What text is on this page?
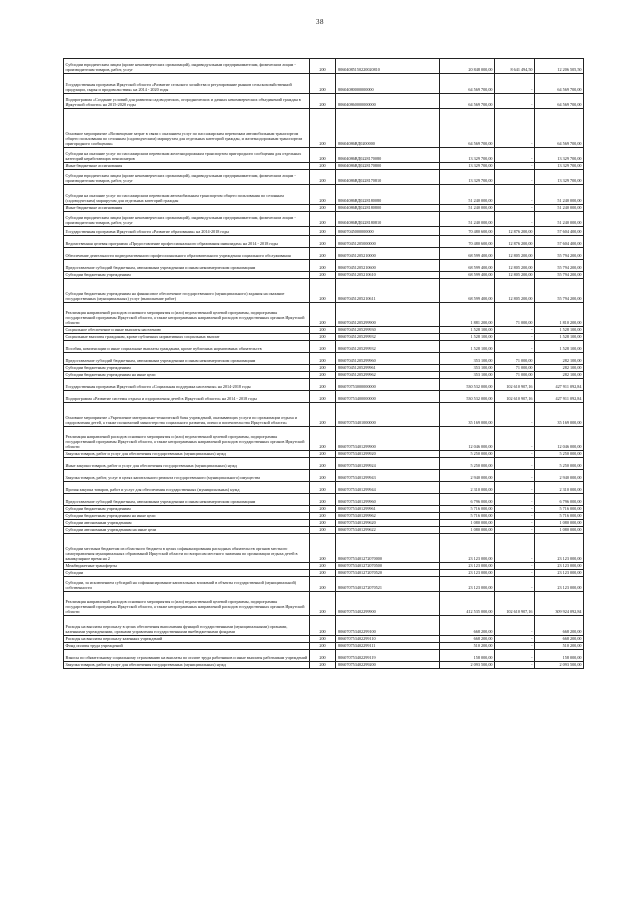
38
Субсидии юридическим лицам (кроме некоммерческих организаций), индивидуальным предпринимателям, физическим лицам - производителям товаров, работ, услуг	200	80604085150220020810	20 848 000,00	8 641 494,50	12 206 505,50
Государственная программа Иркутской области «Развитие сельского хозяйства и регулирование рынков сельскохозяйственной продукции, сырья и продовольствия» на 2014 - 2020 годы	200	80604080000000000	64 569 700,00	-	64 569 700,00
Подпрограмма «Создание условий для развития садоводческих, огороднических и дачных некоммерческих объединений граждан в Иркутской области» на 2015-2020 годы	200	806040860000000000	64 569 700,00	-	64 569 700,00
Основное мероприятие «Возмещение затрат в связи с оказанием услуг по пассажирским перевозкам автомобильным транспортом общего пользования по сезонным (садоводческим) маршрутам для отдельных категорий граждан, и железнодорожным транспортом пригородного сообщения»	200	80604086ВД0200000	64 569 700,00	-	64 569 700,00
Субсидии на оказание услуг по пассажирским перевозкам железнодорожным транспортом пригородного сообщения для отдельных категорий неработающих пенсионеров	200	80604086ВД0228170080	13 329 700,00	-	13 329 700,00
Иные бюджетные ассигнования	200	80604086ВД0228170800	13 329 700,00	-	13 329 700,00
Субсидии юридическим лицам (кроме некоммерческих организаций), индивидуальным предпринимателям, физическим лицам - производителям товаров, работ, услуг	200	80604086ВД0228170810	13 329 700,00	-	13 329 700,00
Субсидии на оказание услуг по пассажирским перевозкам автомобильным транспортом общего пользования по сезонным (садоводческим) маршрутам для отдельных категорий граждан	200	80604086ВД0228180080	51 240 000,00	-	51 240 000,00
Иные бюджетные ассигнования	200	80604086ВД0228180800	51 240 000,00	-	51 240 000,00
Субсидии юридическим лицам (кроме некоммерческих организаций), индивидуальным предпринимателям, физическим лицам - производителям товаров, работ, услуг	200	80604086ВД0228180810	51 240 000,00	-	51 240 000,00
Государственная программа Иркутской области «Развитие образования» на 2014-2018 годы	200	80607045000000000	70 480 600,00	12 876 200,00	57 604 400,00
Ведомственная целевая программа «Предоставление профессионального образования инвалидам» на 2014 - 2018 годы	200	806070451205000000	70 480 600,00	12 876 200,00	57 604 400,00
Обеспечение деятельности подведомственного профессионального образовательного учреждения социального обслуживания	200	806070451205210000	68 599 400,00	12 805 200,00	55 794 200,00
Предоставление субсидий бюджетным, автономным учреждениям и иным некоммерческим организациям	200	806070451205210600	68 599 400,00	12 805 200,00	55 794 200,00
Субсидии бюджетным учреждениям	200	806070451205210610	68 599 400,00	12 805 200,00	55 794 200,00
Субсидии бюджетным учреждениям на финансовое обеспечение государственного (муниципального) задания на оказание государственных (муниципальных) услуг (выполнение работ)	200	806070451205210611	68 599 400,00	12 805 200,00	55 794 200,00
Реализация направлений расходов основного мероприятия и (или) ведомственной целевой программы, подпрограммы государственной программы Иркутской области, а также непрограммных направлений расходов государственных органов Иркутской области	200	806070451205299900	1 881 200,00	71 000,00	1 810 200,00
Социальное обеспечение и иные выплаты населению	200	806070451205299930	1 528 100,00	-	1 528 100,00
Социальные выплаты гражданам, кроме публичных нормативных социальных выплат	200	806070451205299932	1 528 100,00	-	1 528 100,00
Пособия, компенсации и иные социальные выплаты гражданам, кроме публичных нормативных обязательств	200	806070451205299932	1 528 100,00	-	1 528 100,00
Предоставление субсидий бюджетным, автономным учреждениям и иным некоммерческим организациям	200	806070451205299960	353 100,00	71 000,00	282 100,00
Субсидии бюджетным учреждениям	200	806070451205299961	353 100,00	71 000,00	282 100,00
Субсидии бюджетным учреждениям на иные цели	200	806070451205299962	353 100,00	71 000,00	282 100,00
Государственная программа Иркутской области «Социальная поддержка населения» на 2014-2018 годы	200	806070753000000000	530 532 000,00	102 610 907,16	427 911 092,84
Подпрограмма «Развитие системы отдыха и оздоровления детей в Иркутской области» на 2014 - 2018 годы	200	806070753400000000	530 532 000,00	102 610 907,16	427 911 092,84
Основное мероприятие «Укрепление материально-технической базы учреждений, оказывающих услуги по организации отдыха и оздоровления детей, а также полномочий министерства социального развития, опеки и попечительства Иркутской области»	200	806070753401000000	35 169 000,00	-	35 169 000,00
Реализация направлений расходов основного мероприятия и (или) ведомственной целевой программы, подпрограммы государственной программы Иркутской области, а также непрограммных направлений расходов государственных органов Иркутской области	200	806070753401299900	12 046 000,00	-	12 046 000,00
Закупка товаров, работ и услуг для обеспечения государственных (муниципальных) нужд	200	806070753401299920	5 250 000,00	-	5 250 000,00
Иные закупки товаров, работ и услуг для обеспечения государственных (муниципальных) нужд	200	806070753401299924	5 250 000,00	-	5 250 000,00
Закупка товаров, работ, услуг в целях капитального ремонта государственного (муниципального) имущества	200	806070753401299943	2 940 000,00	-	2 940 000,00
Прочая закупка товаров, работ и услуг для обеспечения государственных (муниципальных) нужд	200	806070753401299944	2 310 000,00	-	2 310 000,00
Предоставление субсидий бюджетным, автономным учреждениям и иным некоммерческим организациям	200	806070753401299960	6 796 000,00	-	6 796 000,00
Субсидии бюджетным учреждениям	200	806070753401299961	5 716 000,00	-	5 716 000,00
Субсидии бюджетным учреждениям на иные цели	200	806070753401299962	5 716 000,00	-	5 716 000,00
Субсидии автономным учреждениям	200	806070753401299620	1 080 000,00	-	1 080 000,00
Субсидии автономным учреждениям на иные цели	200	806070753401299622	1 080 000,00	-	1 080 000,00
Субсидии местным бюджетам из областного бюджета в целях софинансирования расходных обязательств органов местного самоуправления муниципальных образований Иркутской области по вопросам местного значения по организации отдыха детей в каникулярное время на 2	200	806070753401272070000	23 123 000,00	-	23 123 000,00
Межбюджетные трансферты	200	806070753401272070500	23 123 000,00	-	23 123 000,00
Субсидии	200	806070753401272070520	23 123 000,00	-	23 123 000,00
Субсидии, за исключением субсидий на софинансирование капитальных вложений в объекты государственной (муниципальной) собственности	200	806070753401272070521	23 123 000,00	-	23 123 000,00
Реализация направлений расходов основного мероприятия и (или) ведомственной целевой программы, подпрограммы государственной программы Иркутской области, а также непрограммных направлений расходов государственных органов Иркутской области	200	806070753402299900	412 535 000,00	102 610 907,16	309 924 092,84
Расходы на выплаты персоналу в целях обеспечения выполнения функций государственными (муниципальными) органами, казенными учреждениями, органами управления государственными внебюджетными фондами	200	806070753402299100	668 200,00	-	668 200,00
Расходы на выплаты персоналу казенных учреждений	200	806070753402299110	668 200,00	-	668 200,00
Фонд оплаты труда учреждений	200	806070753402299111	510 200,00	-	510 200,00
Взносы по обязательному социальному страхованию на выплаты по оплате труда работников и иные выплаты работникам учреждений	200	806070753402299119	158 000,00	-	158 000,00
Закупка товаров, работ и услуг для обеспечения государственных (муниципальных) нужд	200	806070753402299200	2 093 500,00	-	2 093 500,00
